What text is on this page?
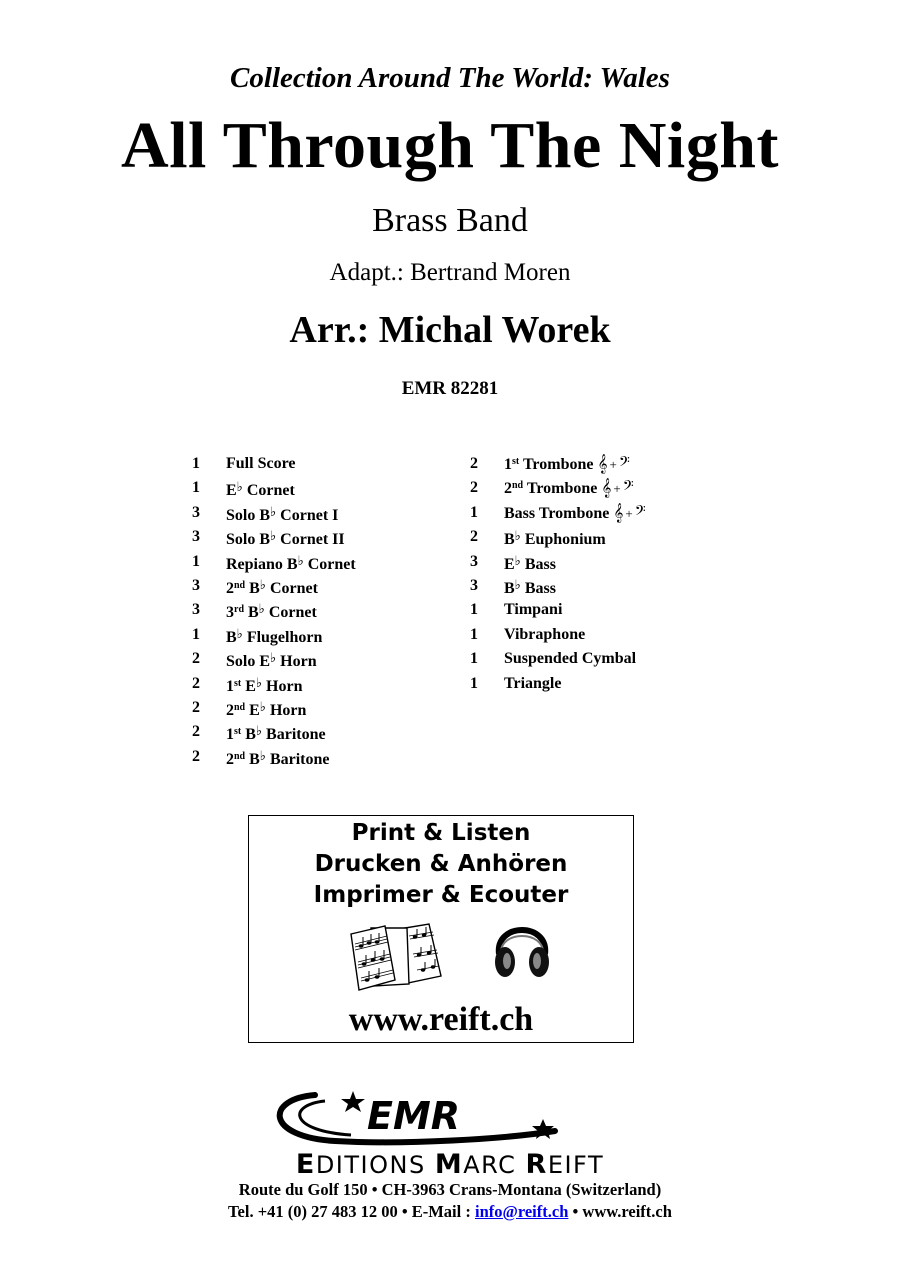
Collection Around The World: Wales
All Through The Night
Brass Band
Adapt.: Bertrand Moren
Arr.: Michal Worek
EMR 82281
1	Full Score
1	E♭ Cornet
3	Solo B♭ Cornet I
3	Solo B♭ Cornet II
1	Repiano B♭ Cornet
3	2nd B♭ Cornet
3	3rd B♭ Cornet
1	B♭ Flugelhorn
2	Solo E♭ Horn
2	1st E♭ Horn
2	2nd E♭ Horn
2	1st B♭ Baritone
2	2nd B♭ Baritone
2	1st Trombone 𝄞 + 𝄢
2	2nd Trombone 𝄞 + 𝄢
1	Bass Trombone 𝄞 + 𝄢
2	B♭ Euphonium
3	E♭ Bass
3	B♭ Bass
1	Timpani
1	Vibraphone
1	Suspended Cymbal
1	Triangle
Print & Listen
Drucken & Anhören
Imprimer & Ecouter
www.reift.ch
EMR
EDITIONS MARC REIFT
Route du Golf 150 • CH-3963 Crans-Montana (Switzerland)
Tel. +41 (0) 27 483 12 00 • E-Mail : info@reift.ch • www.reift.ch
